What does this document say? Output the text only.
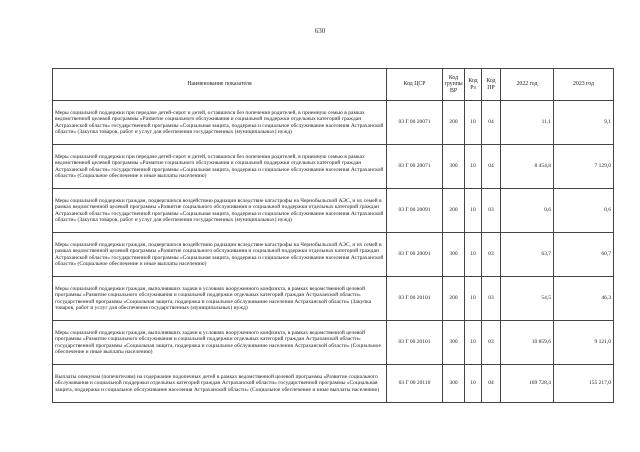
630
Наименование показателя	Код ЦСР	Код группы ВР	Код Рз	Код ПР	2022 год	2023 год
Меры социальной поддержки при передаче детей-сирот и детей, оставшихся без попечения родителей, в приемную семью в рамках ведомственной целевой программы «Развитие социального обслуживания и социальной поддержки отдельных категорий граждан Астраханской области» государственной программы «Социальная защита, поддержка и социальное обслуживание населения Астраханской области» (Закупка товаров, работ и услуг для обеспечения государственных (муниципальных) нужд)	03 Г 00 20071	200	10	04	11,1	9,1
Меры социальной поддержки при передаче детей-сирот и детей, оставшихся без попечения родителей, в приемную семью в рамках ведомственной целевой программы «Развитие социального обслуживания и социальной поддержки отдельных категорий граждан Астраханской области» государственной программы «Социальная защита, поддержка и социальное обслуживание населения Астраханской области» (Социальное обеспечение и иные выплаты населению)	03 Г 00 20071	300	10	04	8 454,8	7 129,0
Меры социальной поддержки граждан, подвергшихся воздействию радиации вследствие катастрофы на Чернобыльской АЭС, и их семей в рамках ведомственной целевой программы «Развитие социального обслуживания и социальной поддержки отдельных категорий граждан Астраханской области» государственной программы «Социальная защита, поддержка и социальное обслуживание населения Астраханской области» (Закупка товаров, работ и услуг для обеспечения государственных (муниципальных) нужд)	03 Г 00 20091	200	10	03	0,6	0,6
Меры социальной поддержки граждан, подвергшихся воздействию радиации вследствие катастрофы на Чернобыльской АЭС, и их семей в рамках ведомственной целевой программы «Развитие социального обслуживания и социальной поддержки отдельных категорий граждан Астраханской области» государственной программы «Социальная защита, поддержка и социальное обслуживание населения Астраханской области» (Социальное обеспечение и иные выплаты населению)	03 Г 00 20091	300	10	03	63,7	60,7
Меры социальной поддержки граждан, выполнявших задачи в условиях вооруженного конфликта, в рамках ведомственной целевой программы «Развитие социального обслуживания и социальной поддержки отдельных категорий граждан Астраханской области» государственной программы «Социальная защита, поддержка и социальное обслуживание населения Астраханской области» (Закупка товаров, работ и услуг для обеспечения государственных (муниципальных) нужд)	03 Г 00 20101	200	10	03	54,5	46,3
Меры социальной поддержки граждан, выполнявших задачи в условиях вооруженного конфликта, в рамках ведомственной целевой программы «Развитие социального обслуживания и социальной поддержки отдельных категорий граждан Астраханской области» государственной программы «Социальная защита, поддержка и социальное обслуживание населения Астраханской области» (Социальное обеспечение и иные выплаты населению)	03 Г 00 20101	300	10	03	10 859,6	9 121,0
Выплаты опекунам (попечителям) на содержание подопечных детей в рамках ведомственной целевой программы «Развитие социального обслуживания и социальной поддержки отдельных категорий граждан Астраханской области» государственной программы «Социальная защита, поддержка и социальное обслуживание населения Астраханской области» (Социальное обеспечение и иные выплаты населению)	03 Г 00 20110	300	10	04	169 728,4	155 217,0
